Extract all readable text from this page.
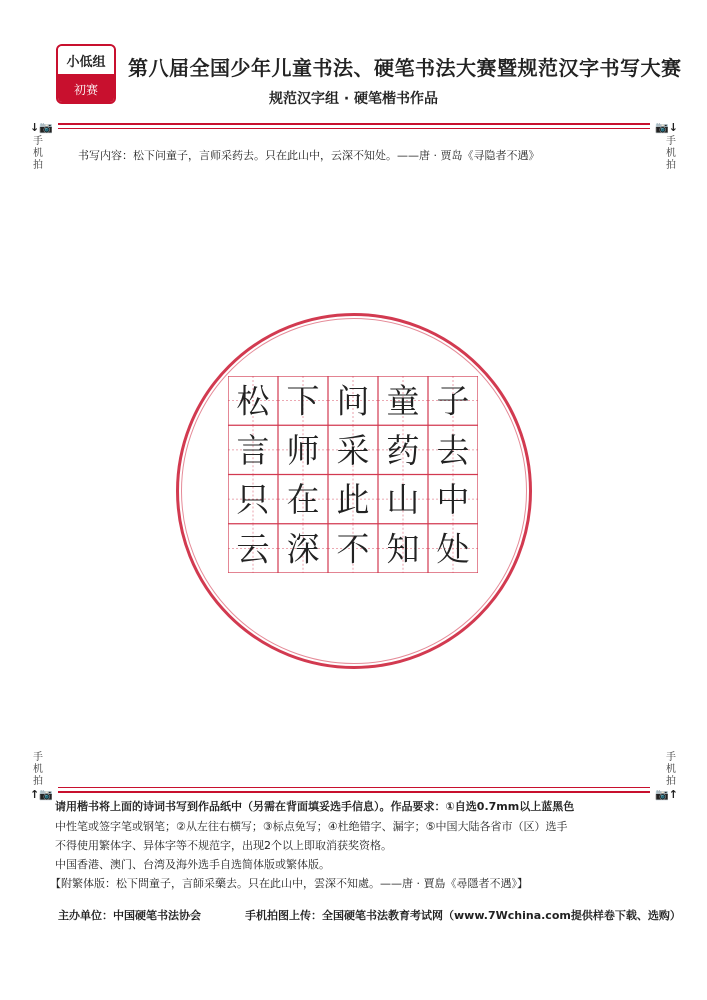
小低组
初赛
第八届全国少年儿童书法、硬笔书法大赛暨规范汉字书写大赛
规范汉字组 · 硬笔楷书作品
↓📷
手
机
拍
📷↓
手
机
拍
书写内容：松下问童子，言师采药去。只在此山中，云深不知处。——唐 · 贾岛《寻隐者不遇》
松 下 问 童 子
言 师 采 药 去
只 在 此 山 中
云 深 不 知 处
手
机
拍
↑📷
手
机
拍
📷↑
请用楷书将上面的诗词书写到作品纸中（另需在背面填妥选手信息）。作品要求：①自选0.7mm以上蓝黑色
中性笔或签字笔或钢笔；②从左往右横写；③标点免写；④杜绝错字、漏字；⑤中国大陆各省市（区）选手
不得使用繁体字、异体字等不规范字，出现2个以上即取消获奖资格。
中国香港、澳门、台湾及海外选手自选简体版或繁体版。
【附繁体版：松下問童子，言師采藥去。只在此山中，雲深不知處。——唐 · 賈島《尋隱者不遇》】
主办单位：中国硬笔书法协会	手机拍图上传：全国硬笔书法教育考试网（www.7Wchina.com提供样卷下载、选购）
